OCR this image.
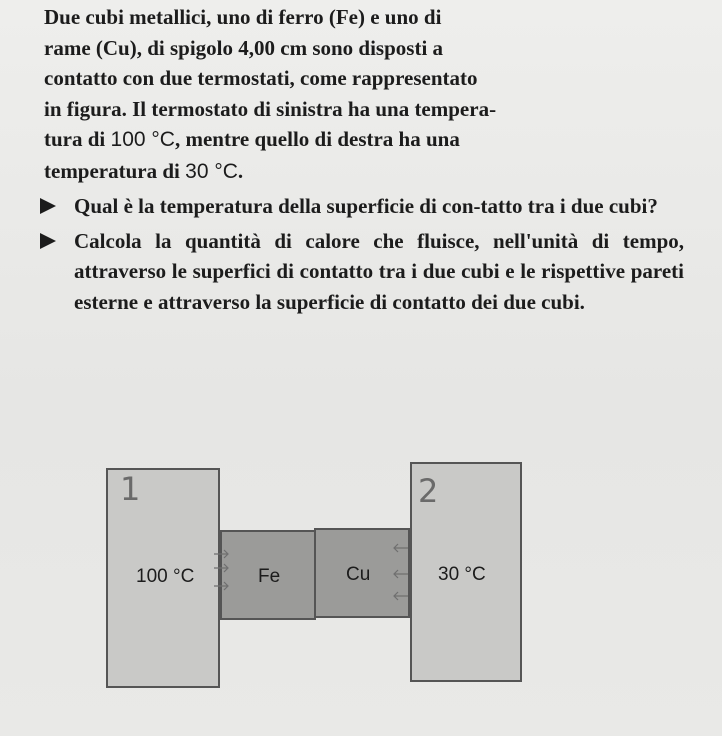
Due cubi metallici, uno di ferro (Fe) e uno di
rame (Cu), di spigolo 4,00 cm sono disposti a
contatto con due termostati, come rappresentato
in figura. Il termostato di sinistra ha una tempera-
tura di 100 °C, mentre quello di destra ha una
temperatura di 30 °C.

Qual è la temperatura della superficie di con-tatto tra i due cubi?

Calcola la quantità di calore che fluisce, nell'unità di tempo, attraverso le superfici di contatto tra i due cubi e le rispettive pareti esterne e attraverso la superficie di contatto dei due cubi.

100 °C	30 °C
Fe	Cu
1	2
